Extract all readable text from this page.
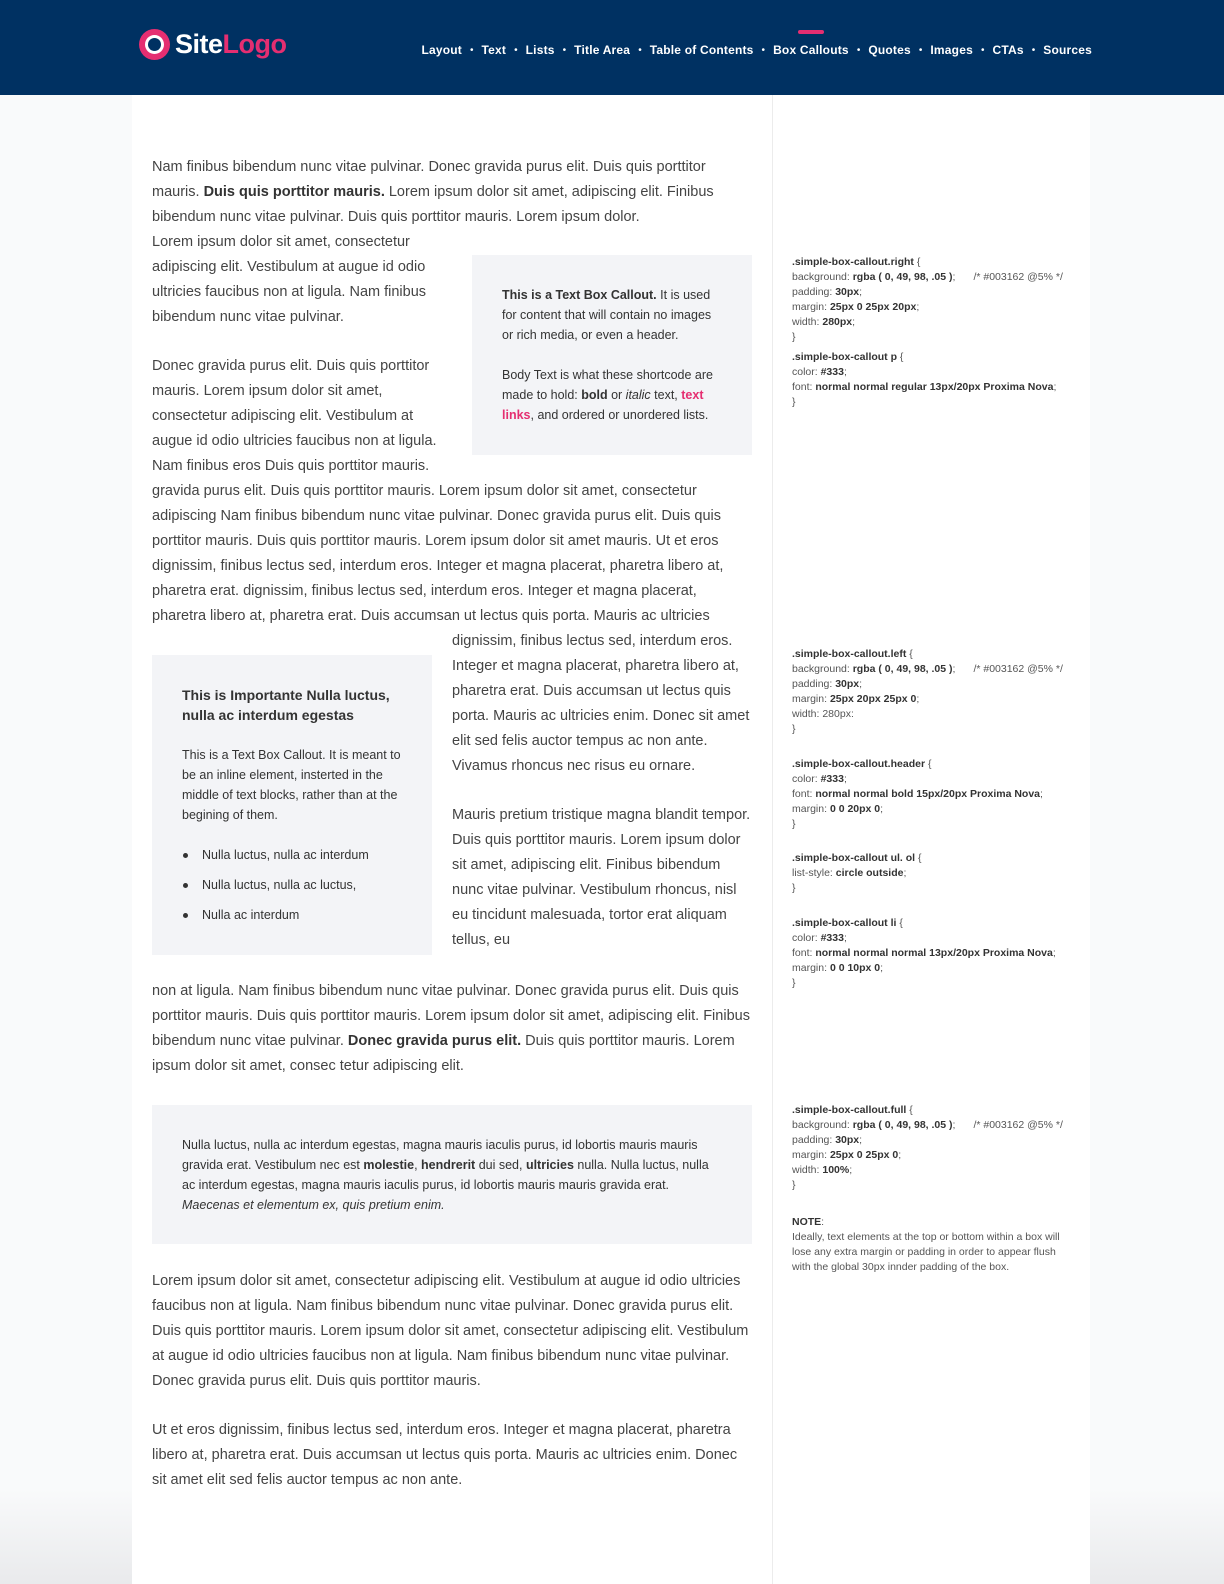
SiteLogo	Layout • Text • Lists • Title Area • Table of Contents • Box Callouts • Quotes • Images • CTAs • Sources
Nam finibus bibendum nunc vitae pulvinar. Donec gravida purus elit. Duis quis porttitor mauris. Duis quis porttitor mauris. Lorem ipsum dolor sit amet, adipiscing elit. Finibus bibendum nunc vitae pulvinar. Duis quis porttitor mauris. Lorem ipsum dolor.
Lorem ipsum dolor sit amet, consectetur adipiscing elit. Vestibulum at augue id odio ultricies faucibus non at ligula. Nam finibus bibendum nunc vitae pulvinar.
Donec gravida purus elit. Duis quis porttitor mauris. Lorem ipsum dolor sit amet, consectetur adipiscing elit. Vestibulum at augue id odio ultricies faucibus non at ligula. Nam finibus eros Duis quis porttitor mauris.
This is a Text Box Callout. It is used for content that will contain no images or rich media, or even a header.
Body Text is what these shortcode are made to hold: bold or italic text, text links, and ordered or unordered lists.
gravida purus elit. Duis quis porttitor mauris. Lorem ipsum dolor sit amet, consectetur adipiscing Nam finibus bibendum nunc vitae pulvinar. Donec gravida purus elit. Duis quis porttitor mauris. Duis quis porttitor mauris. Lorem ipsum dolor sit amet mauris. Ut et eros dignissim, finibus lectus sed, interdum eros. Integer et magna placerat, pharetra libero at, pharetra erat. dignissim, finibus lectus sed, interdum eros. Integer et magna placerat, pharetra libero at, pharetra erat. Duis accumsan ut lectus quis porta. Mauris ac ultricies
This is Importante Nulla luctus, nulla ac interdum egestas
This is a Text Box Callout. It is meant to be an inline element, insterted in the middle of text blocks, rather than at the begining of them.
Nulla luctus, nulla ac interdum
Nulla luctus, nulla ac luctus,
Nulla ac interdum
dignissim, finibus lectus sed, interdum eros. Integer et magna placerat, pharetra libero at, pharetra erat. Duis accumsan ut lectus quis porta. Mauris ac ultricies enim. Donec sit amet elit sed felis auctor tempus ac non ante. Vivamus rhoncus nec risus eu ornare.
Mauris pretium tristique magna blandit tempor. Duis quis porttitor mauris. Lorem ipsum dolor sit amet, adipiscing elit. Finibus bibendum nunc vitae pulvinar. Vestibulum rhoncus, nisl eu tincidunt malesuada, tortor erat aliquam tellus, eu
non at ligula. Nam finibus bibendum nunc vitae pulvinar. Donec gravida purus elit. Duis quis porttitor mauris. Duis quis porttitor mauris. Lorem ipsum dolor sit amet, adipiscing elit. Finibus bibendum nunc vitae pulvinar. Donec gravida purus elit. Duis quis porttitor mauris. Lorem ipsum dolor sit amet, consec tetur adipiscing elit.
Nulla luctus, nulla ac interdum egestas, magna mauris iaculis purus, id lobortis mauris mauris gravida erat. Vestibulum nec est molestie, hendrerit dui sed, ultricies nulla. Nulla luctus, nulla ac interdum egestas, magna mauris iaculis purus, id lobortis mauris mauris gravida erat. Maecenas et elementum ex, quis pretium enim.
Lorem ipsum dolor sit amet, consectetur adipiscing elit. Vestibulum at augue id odio ultricies faucibus non at ligula. Nam finibus bibendum nunc vitae pulvinar. Donec gravida purus elit. Duis quis porttitor mauris. Lorem ipsum dolor sit amet, consectetur adipiscing elit. Vestibulum at augue id odio ultricies faucibus non at ligula. Nam finibus bibendum nunc vitae pulvinar. Donec gravida purus elit. Duis quis porttitor mauris.
Ut et eros dignissim, finibus lectus sed, interdum eros. Integer et magna placerat, pharetra libero at, pharetra erat. Duis accumsan ut lectus quis porta. Mauris ac ultricies enim. Donec sit amet elit sed felis auctor tempus ac non ante.
.simple-box-callout.right {
background: rgba ( 0, 49, 98, .05 ); /* #003162 @5% */
padding: 30px;
margin: 25px 0 25px 20px;
width: 280px;
}
.simple-box-callout p {
color: #333;
font: normal normal regular 13px/20px Proxima Nova;
}
.simple-box-callout.left {
background: rgba ( 0, 49, 98, .05 ); /* #003162 @5% */
padding: 30px;
margin: 25px 20px 25px 0;
width: 280px:
}
.simple-box-callout.header {
color: #333;
font: normal normal bold 15px/20px Proxima Nova;
margin: 0 0 20px 0;
}
.simple-box-callout ul. ol {
list-style: circle outside;
}
.simple-box-callout li {
color: #333;
font: normal normal normal 13px/20px Proxima Nova;
margin: 0 0 10px 0;
}
.simple-box-callout.full {
background: rgba ( 0, 49, 98, .05 ); /* #003162 @5% */
padding: 30px;
margin: 25px 0 25px 0;
width: 100%;
}
NOTE:
Ideally, text elements at the top or bottom within a box will lose any extra margin or padding in order to appear flush with the global 30px innder padding of the box.
